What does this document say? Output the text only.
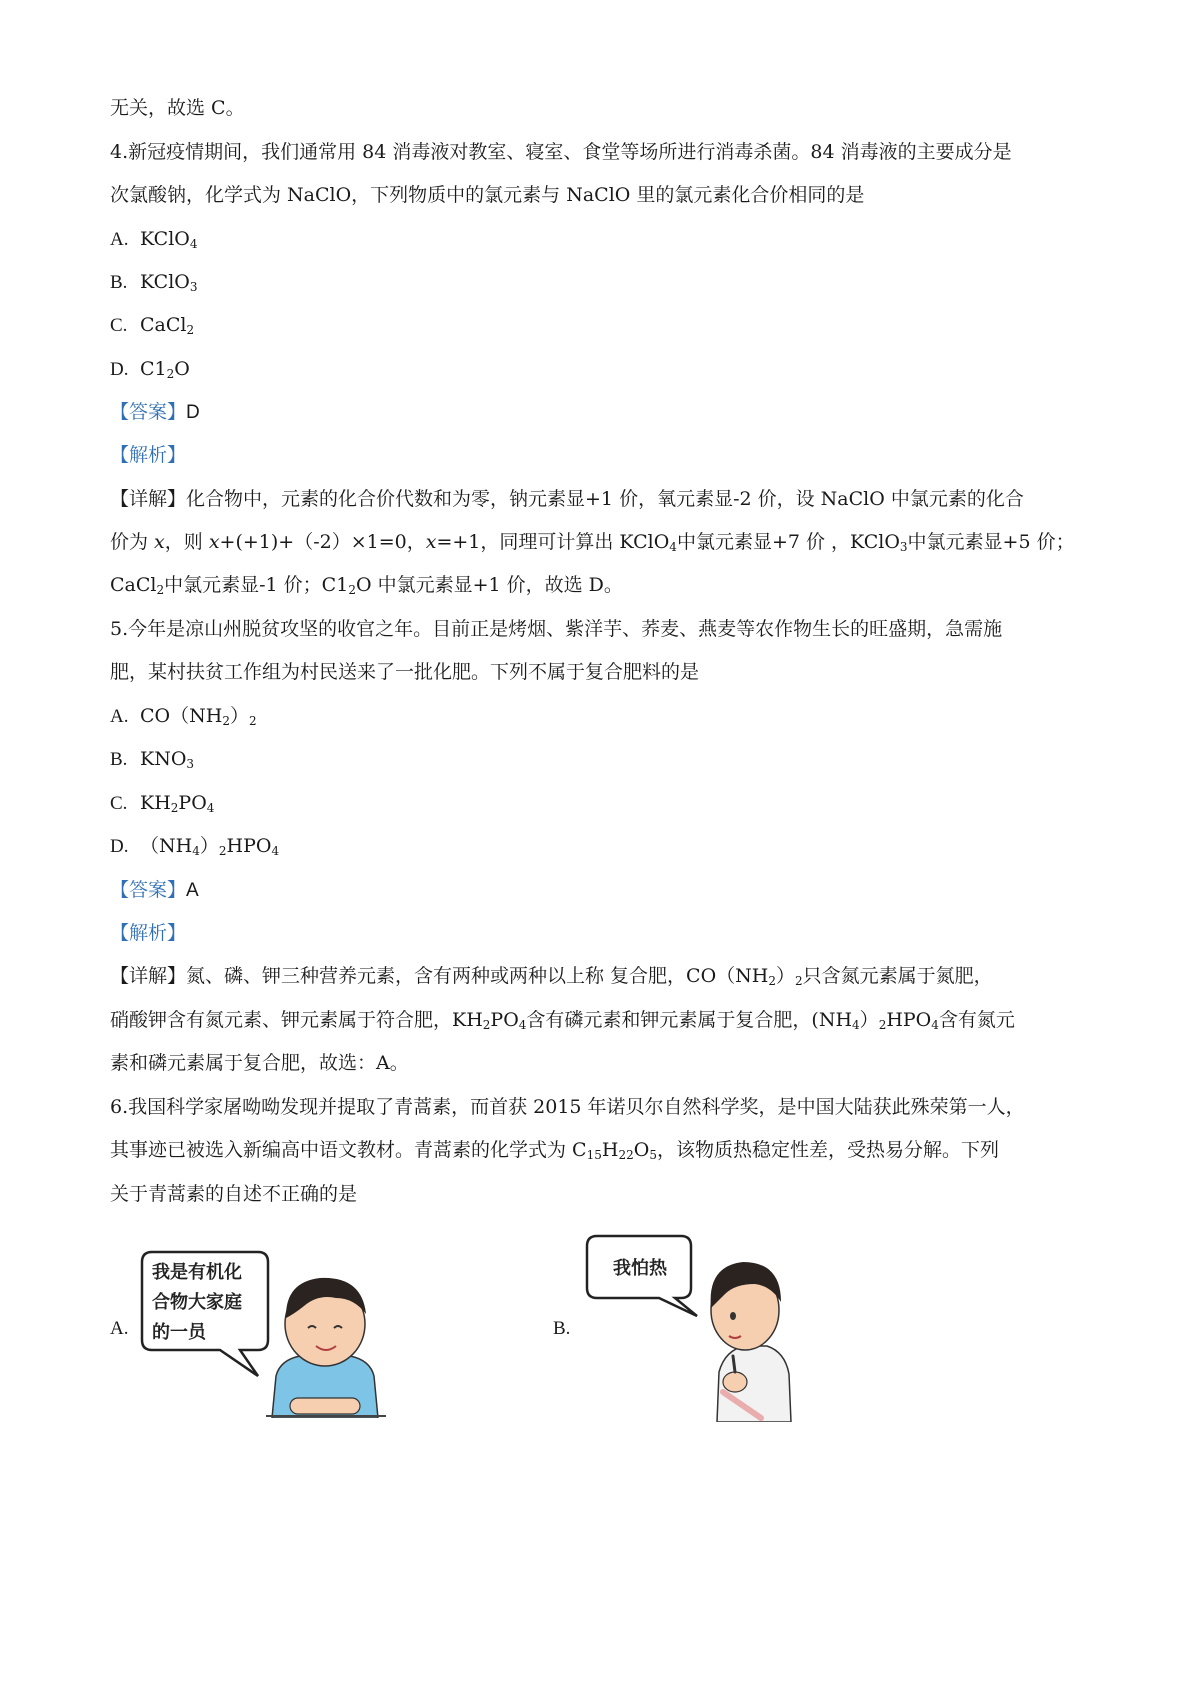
无关，故选 C。
4.新冠疫情期间，我们通常用 84 消毒液对教室、寝室、食堂等场所进行消毒杀菌。84 消毒液的主要成分是
次氯酸钠，化学式为 NaClO，下列物质中的氯元素与 NaClO 里的氯元素化合价相同的是
A. KClO$_4$
B. KClO$_3$
C. CaCl$_2$
D. $C1_2O$
【答案】D
【解析】
【详解】化合物中，元素的化合价代数和为零，钠元素显+1 价，氧元素显-2 价，设 NaClO 中氯元素的化合
价为 x，则 x+(+1)+（-2）×1=0，x=+1，同理可计算出 KClO$_4$中氯元素显+7 价 ，KClO$_3$中氯元素显+5 价；
CaCl$_2$中氯元素显-1 价；$C1_2O$ 中氯元素显+1 价，故选 D。
5.今年是凉山州脱贫攻坚的收官之年。目前正是烤烟、紫洋芋、荞麦、燕麦等农作物生长的旺盛期，急需施
肥，某村扶贫工作组为村民送来了一批化肥。下列不属于复合肥料的是
A. $CO(NH_2)_2$
B. $KNO_3$
C. $KH_2PO_4$
D. $(NH_4)_2HPO_4$
【答案】A
【解析】
【详解】氮、磷、钾三种营养元素，含有两种或两种以上称 复合肥，$CO(NH_2)_2$只含氮元素属于氮肥，
硝酸钾含有氮元素、钾元素属于符合肥，$KH_2PO_4$含有磷元素和钾元素属于复合肥，$(NH_4)_2HPO_4$含有氮元
素和磷元素属于复合肥，故选：A。
6.我国科学家屠呦呦发现并提取了青蒿素，而首获 2015 年诺贝尔自然科学奖，是中国大陆获此殊荣第一人，
其事迹已被选入新编高中语文教材。青蒿素的化学式为 $C_{15}H_{22}O_5$，该物质热稳定性差，受热易分解。下列
关于青蒿素的自述不正确的是
A.
我是有机化
合物大家庭
的一员	B.
我怕热
